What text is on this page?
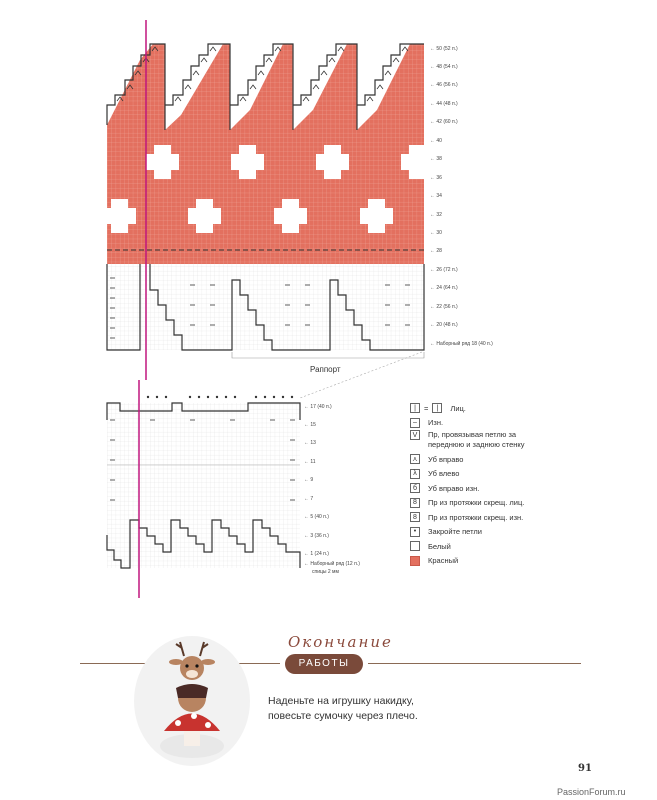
← 50 (52 п.)
← 48 (54 п.)
← 46 (56 п.)
← 44 (48 п.)
← 42 (60 п.)
← 40
← 38
← 36
← 34
← 32
← 30
← 28
← 26 (72 п.)
← 24 (64 п.)
← 22 (56 п.)
← 20 (48 п.)
← Наборный ряд 18 (40 п.)
← 17 (40 п.)
← 15
← 13
← 11
← 9
← 7
← 5 (40 п.)
← 3 (36 п.)
← 1 (24 п.)
← Наборный ряд (12 п.)
спицы 2 мм
Раппорт
|	=	|	Лиц.
–	Изн.
V	Пр, провязывая петлю за переднюю и заднюю стенку
⋏	Уб вправо
λ	Уб влево
б	Уб вправо изн.
8	Пр из протяжки скрещ. лиц.
8	Пр из протяжки скрещ. изн.
•	Закройте петли
Белый
Красный
Окончание
РАБОТЫ
Наденьте на игрушку накидку,
повесьте сумочку через плечо.
91
PassionForum.ru
